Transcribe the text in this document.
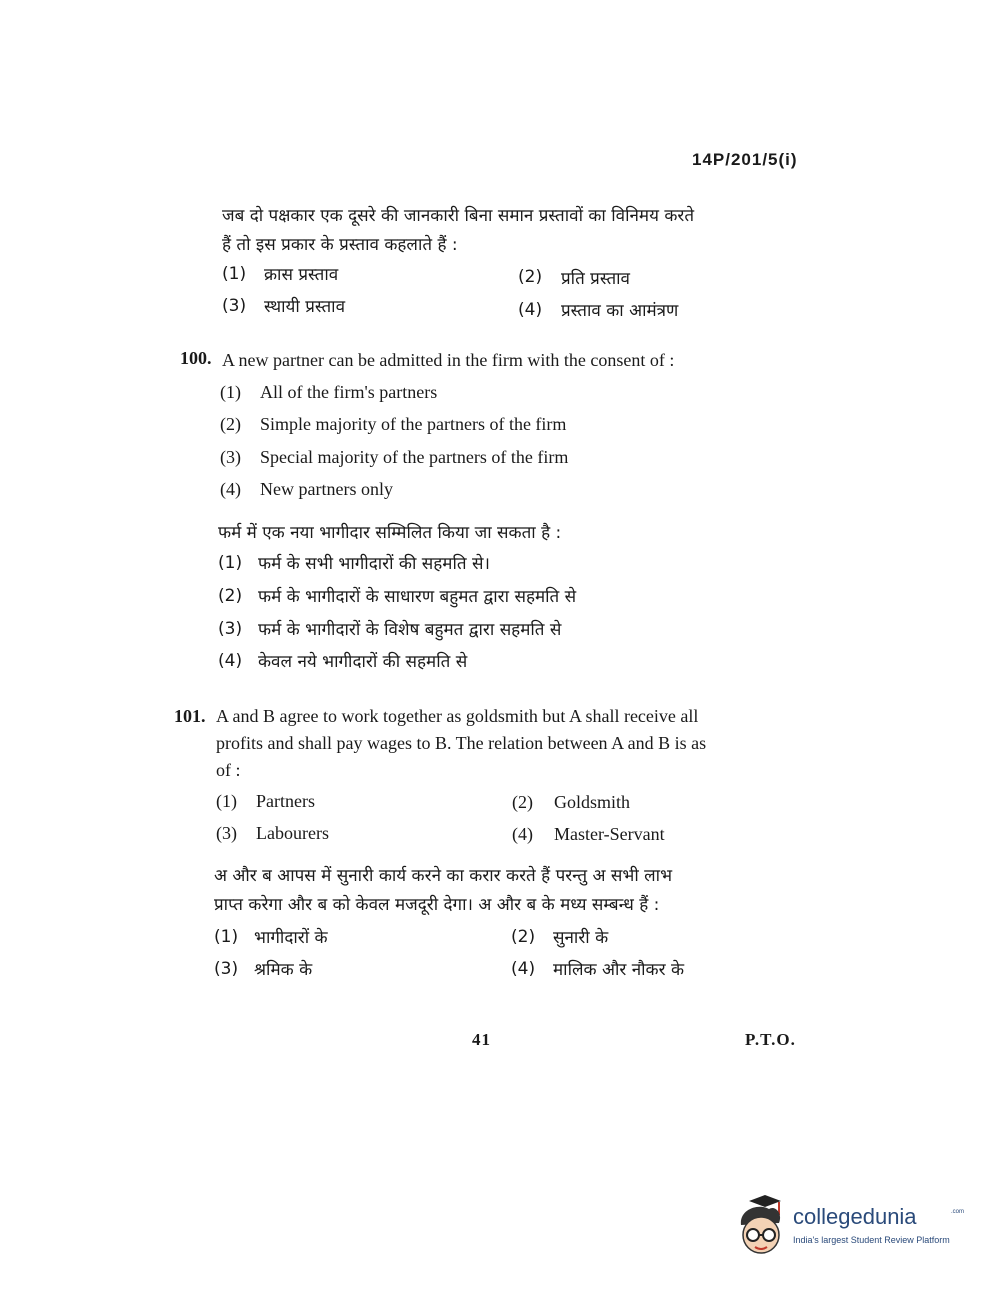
14P/201/5(i)
जब दो पक्षकार एक दूसरे की जानकारी बिना समान प्रस्तावों का विनिमय करते
हैं तो इस प्रकार के प्रस्ताव कहलाते हैं :
(1) क्रास प्रस्ताव	(2) प्रति प्रस्ताव
(3) स्थायी प्रस्ताव	(4) प्रस्ताव का आमंत्रण
100. A new partner can be admitted in the firm with the consent of :
(1) All of the firm's partners
(2) Simple majority of the partners of the firm
(3) Special majority of the partners of the firm
(4) New partners only
फर्म में एक नया भागीदार सम्मिलित किया जा सकता है :
(1) फर्म के सभी भागीदारों की सहमति से।
(2) फर्म के भागीदारों के साधारण बहुमत द्वारा सहमति से
(3) फर्म के भागीदारों के विशेष बहुमत द्वारा सहमति से
(4) केवल नये भागीदारों की सहमति से
101. A and B agree to work together as goldsmith but A shall receive all
profits and shall pay wages to B. The relation between A and B is as
of :
(1) Partners	(2) Goldsmith
(3) Labourers	(4) Master-Servant
अ और ब आपस में सुनारी कार्य करने का करार करते हैं परन्तु अ सभी लाभ
प्राप्त करेगा और ब को केवल मजदूरी देगा। अ और ब के मध्य सम्बन्ध हैं :
(1) भागीदारों के	(2) सुनारी के
(3) श्रमिक के	(4) मालिक और नौकर के
41	P.T.O.
collegedunia	.com
India's largest Student Review Platform
